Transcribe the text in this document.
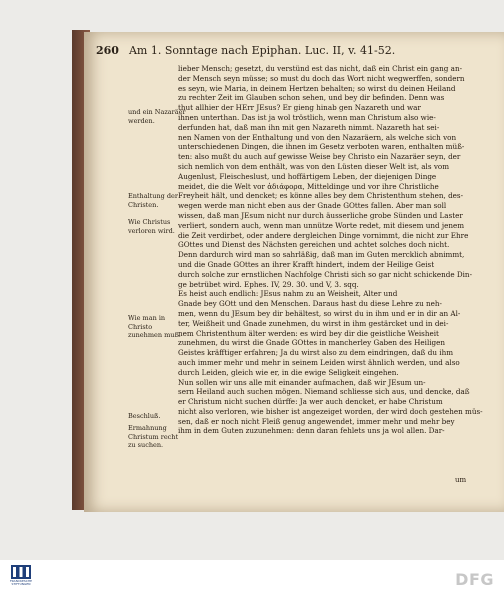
260 Am 1. Sonntage nach Epiphan. Luc. II, v. 41-52.
und ein Nazaräer werden.
Enthaltung der Christen.
Wie Christus verloren wird.
Wie man in Christo zunehmen muß.
Beschluß.
Ermahnung Christum recht zu suchen.
lieber Mensch; gesetzt, du verstünd est das nicht, daß ein Christ ein gang an-
der Mensch seyn müsse; so must du doch das Wort nicht wegwerffen, sondern
es seyn, wie Maria, in deinem Hertzen behalten; so wirst du deinen Heiland
zu rechter Zeit im Glauben schon sehen, und bey dir befinden. Denn was
thut allhier der HErr JEsus? Er gieng hinab gen Nazareth und war
ihnen unterthan. Das ist ja wol tröstlich, wenn man Christum also wie-
derfunden hat, daß man ihn mit gen Nazareth nimmt. Nazareth hat sei-
nen Namen von der Enthaltung und von den Nazaräern, als welche sich von
unterschiedenen Dingen, die ihnen im Gesetz verboten waren, enthalten müß-
ten: also mußt du auch auf gewisse Weise bey Christo ein Nazaräer seyn, der
sich nemlich von dem enthält, was von den Lüsten dieser Welt ist, als vom
Augenlust, Fleischeslust, und hoffärtigem Leben, der diejenigen Dinge
meidet, die die Welt vor ἀδιάφορα, Mitteldinge und vor ihre Christliche
Freyheit hält, und dencket; es könne alles bey dem Christenthum stehen, des-
wegen werde man nicht eben aus der Gnade GOttes fallen. Aber man soll
wissen, daß man JEsum nicht nur durch äusserliche grobe Sünden und Laster
verliert, sondern auch, wenn man unnütze Worte redet, mit diesem und jenem
die Zeit verdirbet, oder andere dergleichen Dinge vornimmt, die nicht zur Ehre
GOttes und Dienst des Nächsten gereichen und achtet solches doch nicht.
Denn dardurch wird man so sahrläßig, daß man im Guten mercklich abnimmt,
und die Gnade GOttes an ihrer Krafft hindert, indem der Heilige Geist
durch solche zur ernstlichen Nachfolge Christi sich so gar nicht schickende Din-
ge betrübet wird. Ephes. IV, 29. 30. und V, 3. sqq.
Es heist auch endlich: JEsus nahm zu an Weisheit, Alter und
Gnade bey GOtt und den Menschen. Daraus hast du diese Lehre zu neh-
men, wenn du JEsum bey dir behältest, so wirst du in ihm und er in dir an Al-
ter, Weißheit und Gnade zunehmen, du wirst in ihm gestärcket und in dei-
nem Christenthum älter werden: es wird bey dir die geistliche Weisheit
zunehmen, du wirst die Gnade GOttes in mancherley Gaben des Heiligen
Geistes kräfftiger erfahren; Ja du wirst also zu dem eindringen, daß du ihm
auch immer mehr und mehr in seinem Leiden wirst ähnlich werden, und also
durch Leiden, gleich wie er, in die ewige Seligkeit eingehen.
Nun sollen wir uns alle mit einander aufmachen, daß wir JEsum un-
sern Heiland auch suchen mögen. Niemand schliesse sich aus, und dencke, daß
er Christum nicht suchen dürffe: Ja wer auch dencket, er habe Christum
nicht also verloren, wie bisher ist angezeiget worden, der wird doch gestehen müs-
sen, daß er noch nicht Fleiß genug angewendet, immer mehr und mehr bey
ihm in dem Guten zuzunehmen: denn daran fehlets uns ja wol allen. Dar-
um
FRANCKESCHE STIFTUNGEN	DFG
